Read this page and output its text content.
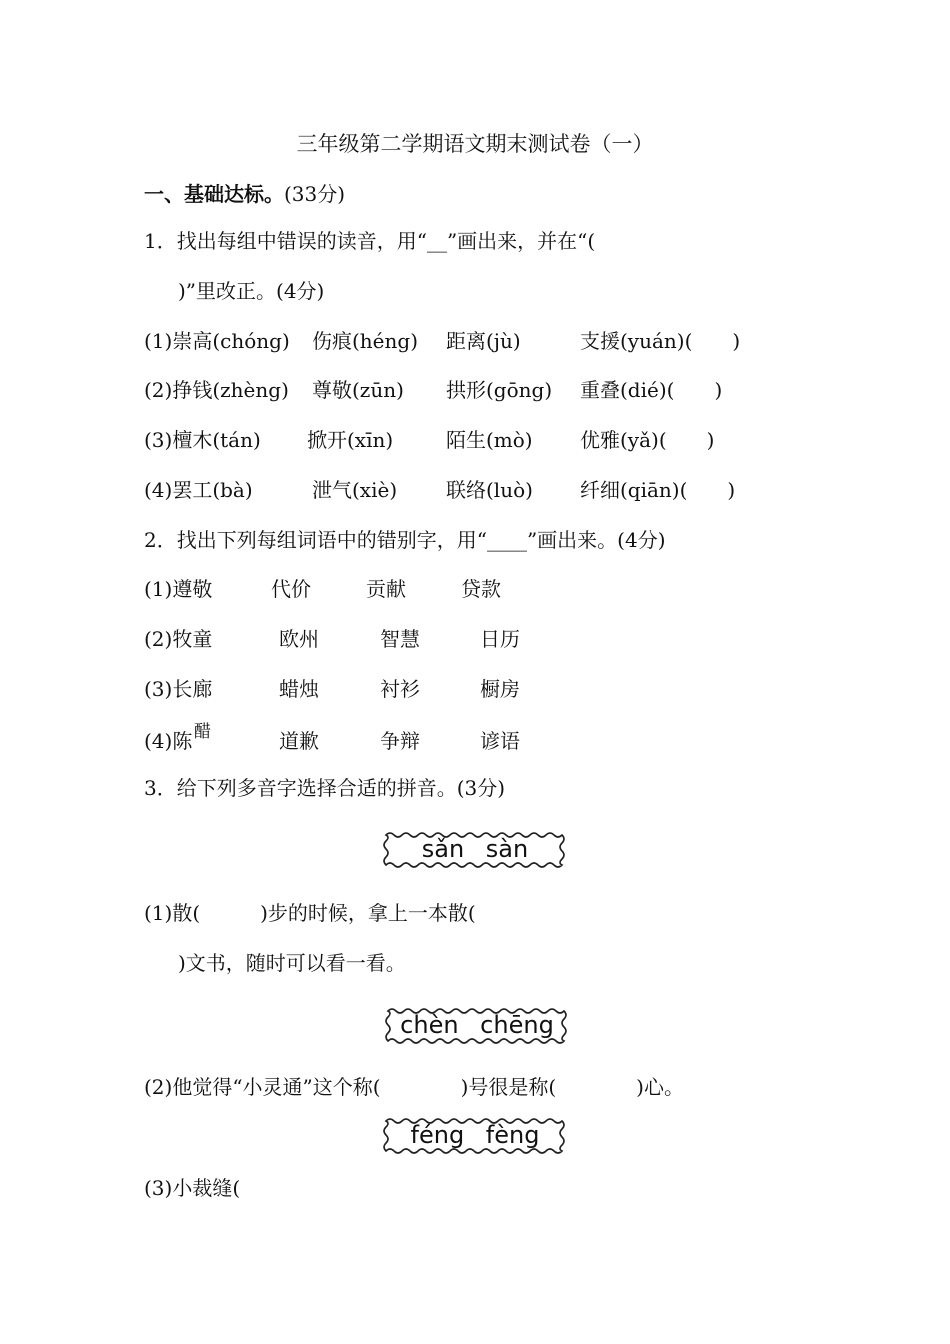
三年级第二学期语文期末测试卷（一）
一、基础达标。(33分)
1．找出每组中错误的读音，用“__”画出来，并在“(
)”里改正。(4分)
(1)崇高(chóng) 伤痕(héng) 距离(jù)	支援(yuán)(　　)
(2)挣钱(zhèng) 尊敬(zūn) 拱形(gōng) 重叠(dié)(　　)
(3)檀木(tán) 掀开(xīn)	陌生(mò) 优雅(yǎ)(　　)
(4)罢工(bà)	泄气(xiè) 联络(luò) 纤细(qiān)(　　)
2．找出下列每组词语中的错别字，用“____”画出来。(4分)
(1)遵敬	代价	贡献	贷款
(2)牧童	欧州	智慧	日历
(3)长廊	蜡烛	衬衫	橱房
(4)陈 醋	道歉	争辩	谚语
3．给下列多音字选择合适的拼音。(3分)
sǎn sàn
(1)散(　　　)步的时候，拿上一本散(
)文书，随时可以看一看。
chèn chēng
(2)他觉得“小灵通”这个称(　　　　)号很是称(　　　　)心。
féng fèng
(3)小裁缝(
